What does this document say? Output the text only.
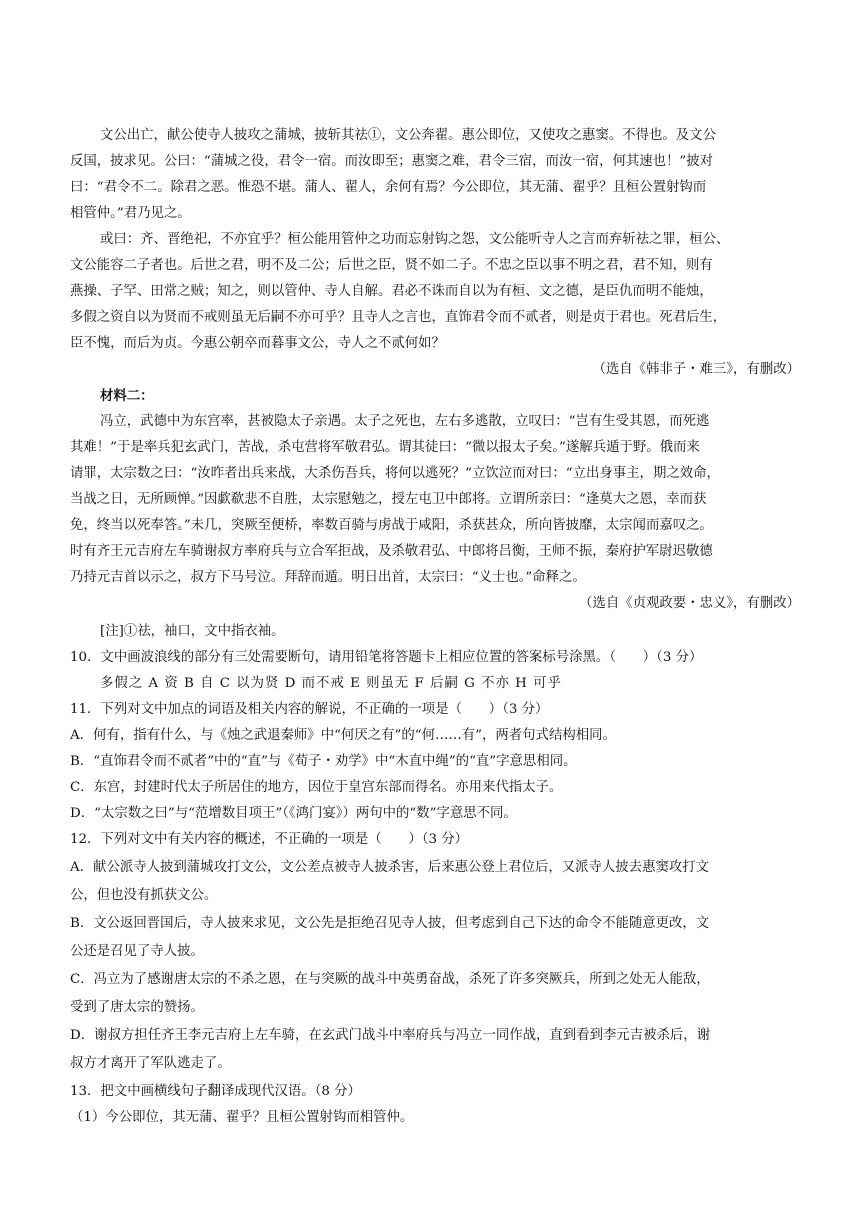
文公出亡，献公使寺人披攻之蒲城，披斩其祛①，文公奔翟。惠公即位，又使攻之惠窦。不得也。及文公
反国，披求见。公曰：“蒲城之役，君令一宿。而汝即至；惠窦之难，君令三宿，而汝一宿，何其速也！”披对
曰：“君令不二。除君之恶。惟恐不堪。蒲人、翟人，余何有焉？今公即位，其无蒲、翟乎？且桓公置射钩而
相管仲。”君乃见之。
或曰：齐、晋绝祀，不亦宜乎？桓公能用管仲之功而忘射钩之怨，文公能听寺人之言而弃斩祛之罪，桓公、
文公能容二子者也。后世之君，明不及二公；后世之臣，贤不如二子。不忠之臣以事不明之君，君不知，则有
燕操、子罕、田常之贼；知之，则以管仲、寺人自解。君必不诛而自以为有桓、文之德，是臣仇而明不能烛，
多假之资自以为贤而不戒则虽无后嗣不亦可乎？且寺人之言也，直饰君令而不贰者，则是贞于君也。死君后生，
臣不愧，而后为贞。今惠公朝卒而暮事文公，寺人之不贰何如？
（选自《韩非子・难三》，有删改）
材料二：
冯立，武德中为东宫率，甚被隐太子亲遇。太子之死也，左右多逃散，立叹曰：“岂有生受其恩，而死逃
其难！”于是率兵犯玄武门，苦战，杀屯营将军敬君弘。谓其徒曰：“微以报太子矣。”遂解兵遁于野。俄而来
请罪，太宗数之曰：“汝昨者出兵来战，大杀伤吾兵，将何以逃死？”立饮泣而对曰：“立出身事主，期之效命，
当战之日，无所顾惮。”因歔欷悲不自胜，太宗慰勉之，授左屯卫中郎将。立谓所亲曰：“逢莫大之恩，幸而获
免，终当以死奉答。”未几，突厥至便桥，率数百骑与虏战于咸阳，杀获甚众，所向皆披靡，太宗闻而嘉叹之。
时有齐王元吉府左车骑谢叔方率府兵与立合军拒战，及杀敬君弘、中郎将吕衡，王师不振，秦府护军尉迟敬德
乃持元吉首以示之，叔方下马号泣。拜辞而遁。明日出首，太宗曰：“义士也。”命释之。
（选自《贞观政要・忠义》，有删改）
[注]①祛，袖口，文中指衣袖。
10．文中画波浪线的部分有三处需要断句，请用铅笔将答题卡上相应位置的答案标号涂黑。（　　）（3 分）
多假之 A 资 B 自 C 以为贤 D 而不戒 E 则虽无 F 后嗣 G 不亦 H 可乎
11．下列对文中加点的词语及相关内容的解说，不正确的一项是（　　）（3 分）
A．何有，指有什么，与《烛之武退秦师》中“何厌之有”的“何……有”，两者句式结构相同。
B．“直饰君令而不贰者”中的“直”与《荀子・劝学》中“木直中绳”的“直”字意思相同。
C．东宫，封建时代太子所居住的地方，因位于皇宫东部而得名。亦用来代指太子。
D．“太宗数之曰”与“范增数目项王”（《鸿门宴》）两句中的“数”字意思不同。
12．下列对文中有关内容的概述，不正确的一项是（　　）（3 分）
A．献公派寺人披到蒲城攻打文公，文公差点被寺人披杀害，后来惠公登上君位后，又派寺人披去惠窦攻打文
公，但也没有抓获文公。
B．文公返回晋国后，寺人披来求见，文公先是拒绝召见寺人披，但考虑到自己下达的命令不能随意更改，文
公还是召见了寺人披。
C．冯立为了感谢唐太宗的不杀之恩，在与突厥的战斗中英勇奋战，杀死了许多突厥兵，所到之处无人能敌，
受到了唐太宗的赞扬。
D．谢叔方担任齐王李元吉府上左车骑，在玄武门战斗中率府兵与冯立一同作战，直到看到李元吉被杀后，谢
叔方才离开了军队逃走了。
13．把文中画横线句子翻译成现代汉语。（8 分）
（1）今公即位，其无蒲、翟乎？且桓公置射钩而相管仲。
